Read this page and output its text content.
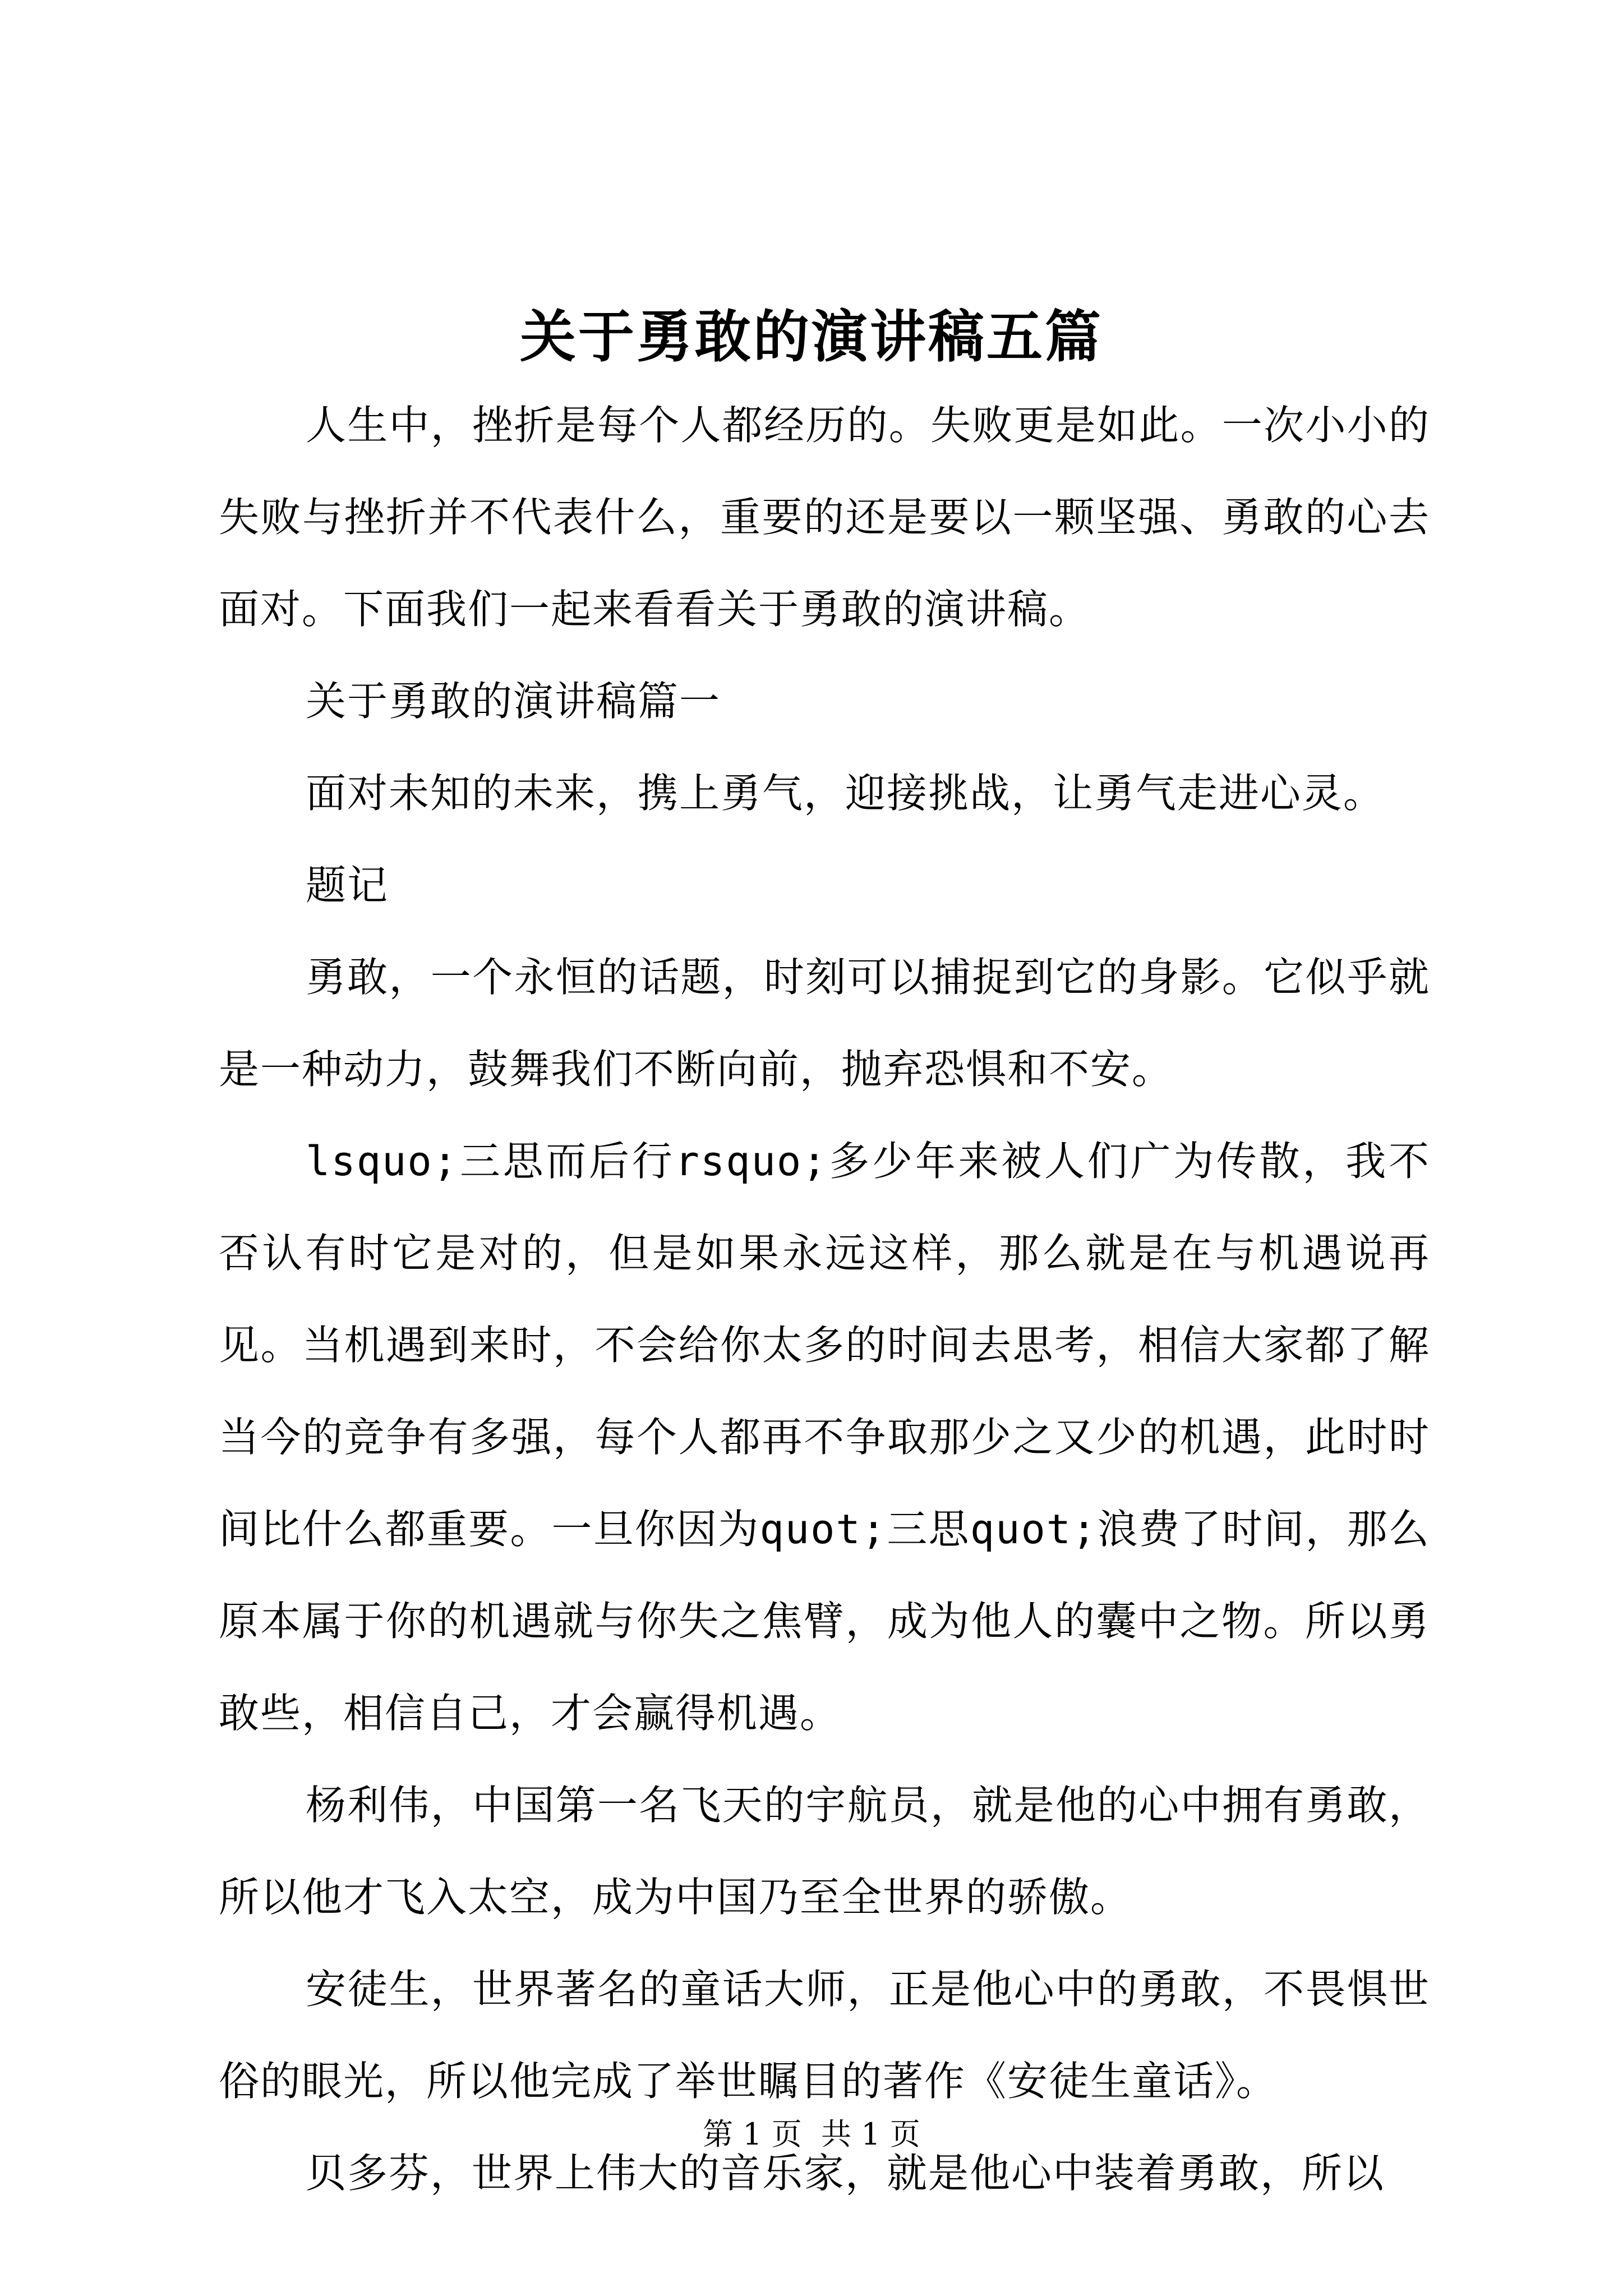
关于勇敢的演讲稿五篇

人生中，挫折是每个人都经历的。失败更是如此。一次小小的失败与挫折并不代表什么，重要的还是要以一颗坚强、勇敢的心去面对。下面我们一起来看看关于勇敢的演讲稿。

关于勇敢的演讲稿篇一

面对未知的未来，携上勇气，迎接挑战，让勇气走进心灵。

题记

勇敢，一个永恒的话题，时刻可以捕捉到它的身影。它似乎就是一种动力，鼓舞我们不断向前，抛弃恐惧和不安。

lsquo;三思而后行rsquo;多少年来被人们广为传散，我不否认有时它是对的，但是如果永远这样，那么就是在与机遇说再见。当机遇到来时，不会给你太多的时间去思考，相信大家都了解当今的竞争有多强，每个人都再不争取那少之又少的机遇，此时时间比什么都重要。一旦你因为quot;三思quot;浪费了时间，那么原本属于你的机遇就与你失之焦臂，成为他人的囊中之物。所以勇敢些，相信自己，才会赢得机遇。

杨利伟，中国第一名飞天的宇航员，就是他的心中拥有勇敢，所以他才飞入太空，成为中国乃至全世界的骄傲。

安徒生，世界著名的童话大师，正是他心中的勇敢，不畏惧世俗的眼光，所以他完成了举世瞩目的著作《安徒生童话》。

贝多芬，世界上伟大的音乐家，就是他心中装着勇敢，所以

第 1 页 共 1 页
